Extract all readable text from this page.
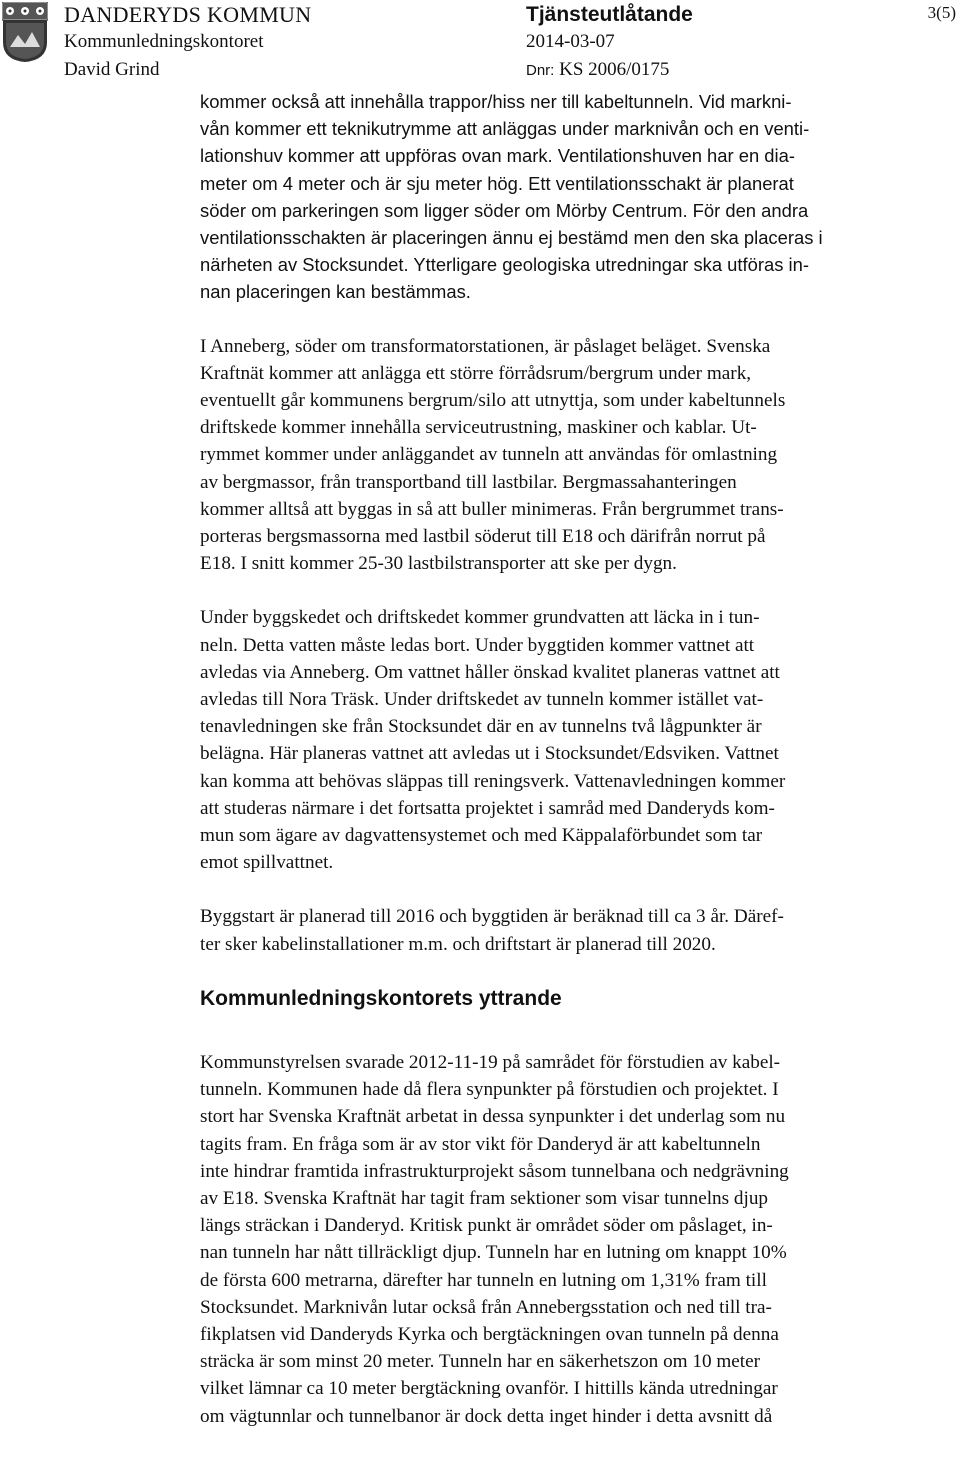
DANDERYDS KOMMUN
Kommunledningskontoret
David Grind
Tjänsteutlåtande
2014-03-07
Dnr: KS 2006/0175
3(5)

kommer också att innehålla trappor/hiss ner till kabeltunneln. Vid markni-
vån kommer ett teknikutrymme att anläggas under marknivån och en venti-
lationshuv kommer att uppföras ovan mark. Ventilationshuven har en dia-
meter om 4 meter och är sju meter hög. Ett ventilationsschakt är planerat
söder om parkeringen som ligger söder om Mörby Centrum. För den andra
ventilationsschakten är placeringen ännu ej bestämd men den ska placeras i
närheten av Stocksundet. Ytterligare geologiska utredningar ska utföras in-
nan placeringen kan bestämmas.

I Anneberg, söder om transformatorstationen, är påslaget beläget. Svenska
Kraftnät kommer att anlägga ett större förrådsrum/bergrum under mark,
eventuellt går kommunens bergrum/silo att utnyttja, som under kabeltunnels
driftskede kommer innehålla serviceutrustning, maskiner och kablar. Ut-
rymmet kommer under anläggandet av tunneln att användas för omlastning
av bergmassor, från transportband till lastbilar. Bergmassahanteringen
kommer alltså att byggas in så att buller minimeras. Från bergrummet trans-
porteras bergsmassorna med lastbil söderut till E18 och därifrån norrut på
E18. I snitt kommer 25-30 lastbilstransporter att ske per dygn.

Under byggskedet och driftskedet kommer grundvatten att läcka in i tun-
neln. Detta vatten måste ledas bort. Under byggtiden kommer vattnet att
avledas via Anneberg. Om vattnet håller önskad kvalitet planeras vattnet att
avledas till Nora Träsk. Under driftskedet av tunneln kommer istället vat-
tenavledningen ske från Stocksundet där en av tunnelns två lågpunkter är
belägna. Här planeras vattnet att avledas ut i Stocksundet/Edsviken. Vattnet
kan komma att behövas släppas till reningsverk. Vattenavledningen kommer
att studeras närmare i det fortsatta projektet i samråd med Danderyds kom-
mun som ägare av dagvattensystemet och med Käppalaförbundet som tar
emot spillvattnet.

Byggstart är planerad till 2016 och byggtiden är beräknad till ca 3 år. Däref-
ter sker kabelinstallationer m.m. och driftstart är planerad till 2020.

Kommunledningskontorets yttrande

Kommunstyrelsen svarade 2012-11-19 på samrådet för förstudien av kabel-
tunneln. Kommunen hade då flera synpunkter på förstudien och projektet. I
stort har Svenska Kraftnät arbetat in dessa synpunkter i det underlag som nu
tagits fram. En fråga som är av stor vikt för Danderyd är att kabeltunneln
inte hindrar framtida infrastrukturprojekt såsom tunnelbana och nedgrävning
av E18. Svenska Kraftnät har tagit fram sektioner som visar tunnelns djup
längs sträckan i Danderyd. Kritisk punkt är området söder om påslaget, in-
nan tunneln har nått tillräckligt djup. Tunneln har en lutning om knappt 10%
de första 600 metrarna, därefter har tunneln en lutning om 1,31% fram till
Stocksundet. Marknivån lutar också från Annebergsstation och ned till tra-
fikplatsen vid Danderyds Kyrka och bergtäckningen ovan tunneln på denna
sträcka är som minst 20 meter. Tunneln har en säkerhetszon om 10 meter
vilket lämnar ca 10 meter bergtäckning ovanför. I hittills kända utredningar
om vägtunnlar och tunnelbanor är dock detta inget hinder i detta avsnitt då
